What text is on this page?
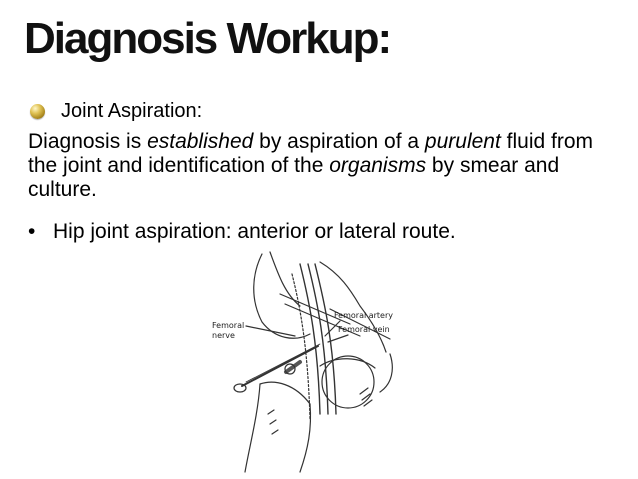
Diagnosis Workup:
Joint Aspiration:
Diagnosis is established by aspiration of a purulent fluid from the joint and identification of the organisms by smear and culture.
• Hip joint aspiration: anterior or lateral route.
Femoral artery
Femoral vein
Femoral
nerve
